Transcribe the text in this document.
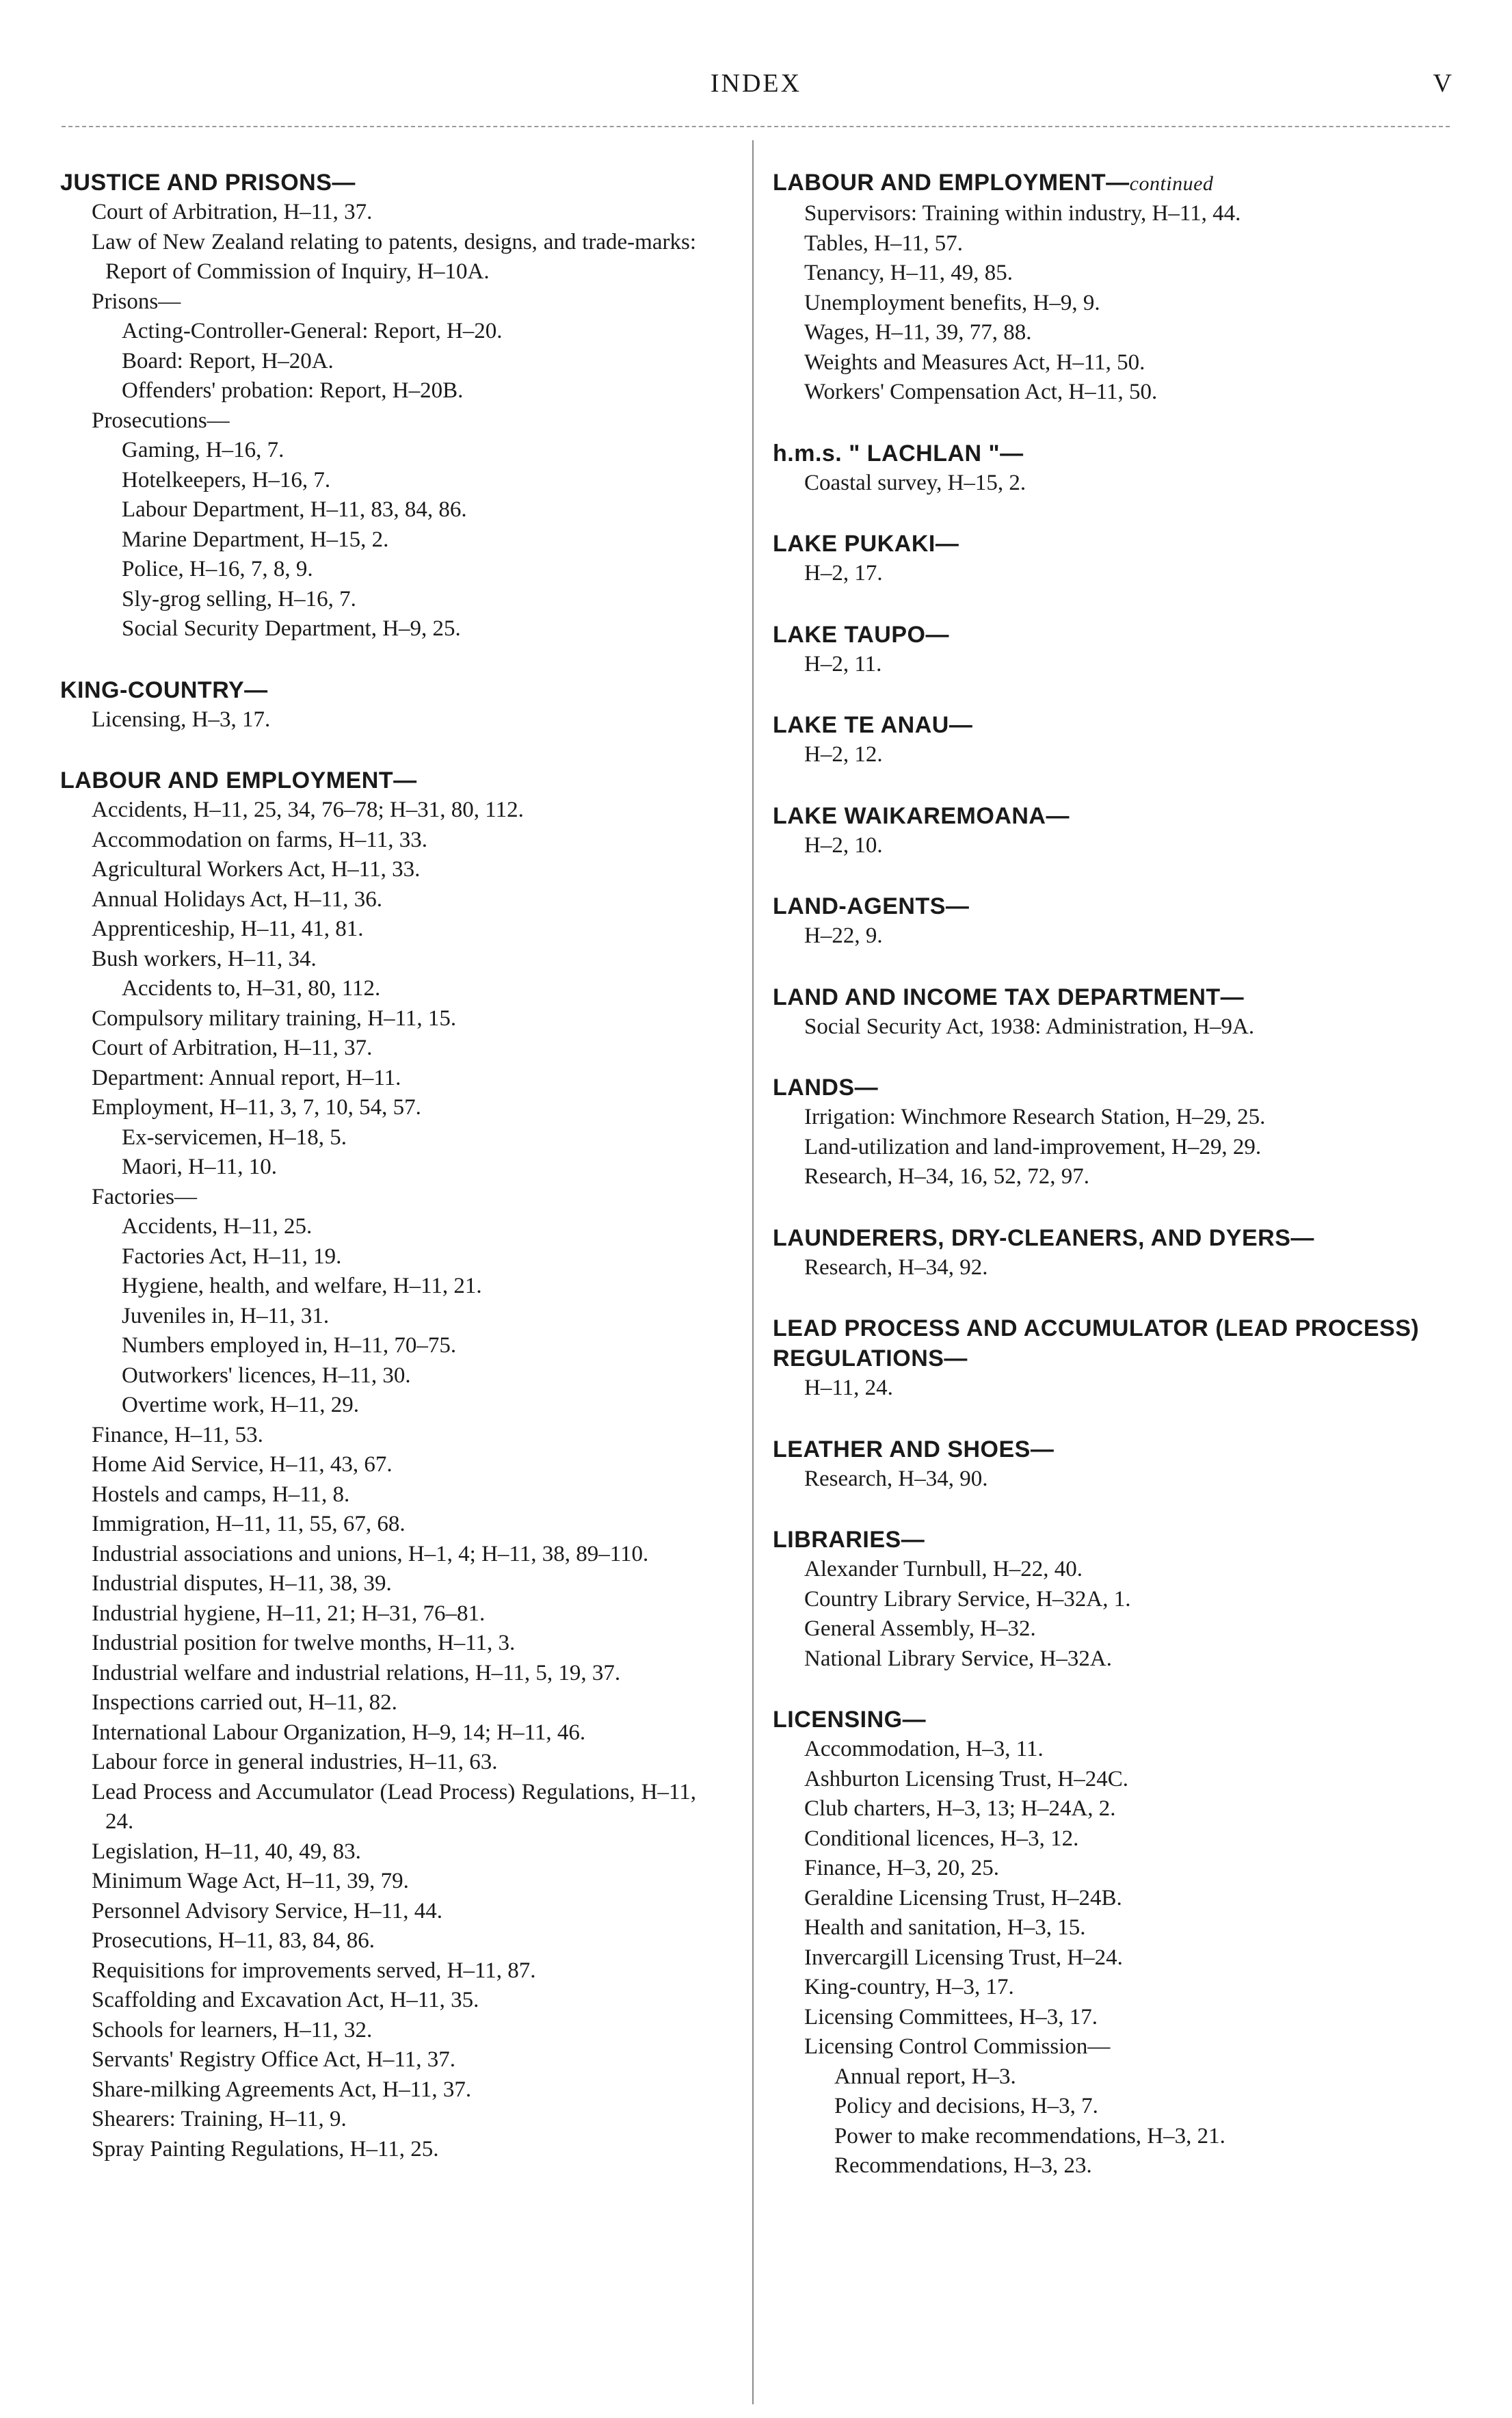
INDEX	V
JUSTICE AND PRISONS—
Court of Arbitration, H–11, 37.
Law of New Zealand relating to patents, designs, and trade-marks: Report of Commission of Inquiry, H–10A.
Prisons—
Acting-Controller-General: Report, H–20.
Board: Report, H–20A.
Offenders' probation: Report, H–20B.
Prosecutions—
Gaming, H–16, 7.
Hotelkeepers, H–16, 7.
Labour Department, H–11, 83, 84, 86.
Marine Department, H–15, 2.
Police, H–16, 7, 8, 9.
Sly-grog selling, H–16, 7.
Social Security Department, H–9, 25.
KING-COUNTRY—
Licensing, H–3, 17.
LABOUR AND EMPLOYMENT—
Accidents, H–11, 25, 34, 76–78; H–31, 80, 112.
Accommodation on farms, H–11, 33.
Agricultural Workers Act, H–11, 33.
Annual Holidays Act, H–11, 36.
Apprenticeship, H–11, 41, 81.
Bush workers, H–11, 34.
Accidents to, H–31, 80, 112.
Compulsory military training, H–11, 15.
Court of Arbitration, H–11, 37.
Department: Annual report, H–11.
Employment, H–11, 3, 7, 10, 54, 57.
Ex-servicemen, H–18, 5.
Maori, H–11, 10.
Factories—
Accidents, H–11, 25.
Factories Act, H–11, 19.
Hygiene, health, and welfare, H–11, 21.
Juveniles in, H–11, 31.
Numbers employed in, H–11, 70–75.
Outworkers' licences, H–11, 30.
Overtime work, H–11, 29.
Finance, H–11, 53.
Home Aid Service, H–11, 43, 67.
Hostels and camps, H–11, 8.
Immigration, H–11, 11, 55, 67, 68.
Industrial associations and unions, H–1, 4; H–11, 38, 89–110.
Industrial disputes, H–11, 38, 39.
Industrial hygiene, H–11, 21; H–31, 76–81.
Industrial position for twelve months, H–11, 3.
Industrial welfare and industrial relations, H–11, 5, 19, 37.
Inspections carried out, H–11, 82.
International Labour Organization, H–9, 14; H–11, 46.
Labour force in general industries, H–11, 63.
Lead Process and Accumulator (Lead Process) Regulations, H–11, 24.
Legislation, H–11, 40, 49, 83.
Minimum Wage Act, H–11, 39, 79.
Personnel Advisory Service, H–11, 44.
Prosecutions, H–11, 83, 84, 86.
Requisitions for improvements served, H–11, 87.
Scaffolding and Excavation Act, H–11, 35.
Schools for learners, H–11, 32.
Servants' Registry Office Act, H–11, 37.
Share-milking Agreements Act, H–11, 37.
Shearers: Training, H–11, 9.
Spray Painting Regulations, H–11, 25.
LABOUR AND EMPLOYMENT—continued
Supervisors: Training within industry, H–11, 44.
Tables, H–11, 57.
Tenancy, H–11, 49, 85.
Unemployment benefits, H–9, 9.
Wages, H–11, 39, 77, 88.
Weights and Measures Act, H–11, 50.
Workers' Compensation Act, H–11, 50.
h.m.s. " LACHLAN "—
Coastal survey, H–15, 2.
LAKE PUKAKI—
H–2, 17.
LAKE TAUPO—
H–2, 11.
LAKE TE ANAU—
H–2, 12.
LAKE WAIKAREMOANA—
H–2, 10.
LAND-AGENTS—
H–22, 9.
LAND AND INCOME TAX DEPARTMENT—
Social Security Act, 1938: Administration, H–9A.
LANDS—
Irrigation: Winchmore Research Station, H–29, 25.
Land-utilization and land-improvement, H–29, 29.
Research, H–34, 16, 52, 72, 97.
LAUNDERERS, DRY-CLEANERS, AND DYERS—
Research, H–34, 92.
LEAD PROCESS AND ACCUMULATOR (LEAD PROCESS) REGULATIONS—
H–11, 24.
LEATHER AND SHOES—
Research, H–34, 90.
LIBRARIES—
Alexander Turnbull, H–22, 40.
Country Library Service, H–32A, 1.
General Assembly, H–32.
National Library Service, H–32A.
LICENSING—
Accommodation, H–3, 11.
Ashburton Licensing Trust, H–24C.
Club charters, H–3, 13; H–24A, 2.
Conditional licences, H–3, 12.
Finance, H–3, 20, 25.
Geraldine Licensing Trust, H–24B.
Health and sanitation, H–3, 15.
Invercargill Licensing Trust, H–24.
King-country, H–3, 17.
Licensing Committees, H–3, 17.
Licensing Control Commission—
Annual report, H–3.
Policy and decisions, H–3, 7.
Power to make recommendations, H–3, 21.
Recommendations, H–3, 23.
